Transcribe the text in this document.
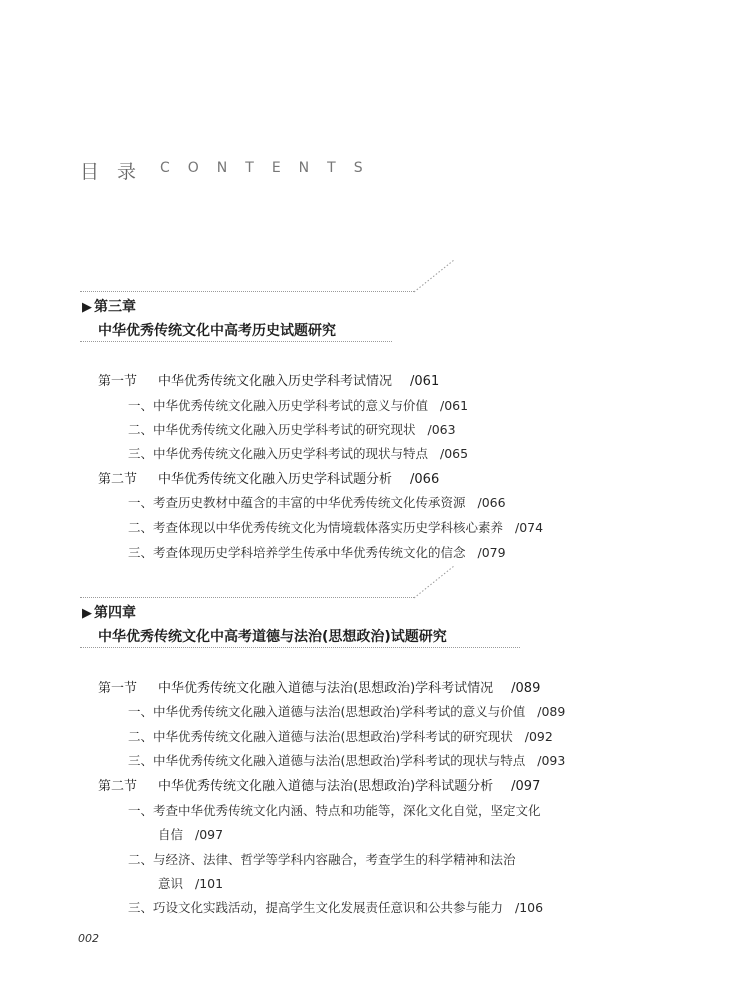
目 录 CONTENTS
▶ 第三章
中华优秀传统文化中高考历史试题研究
第一节 中华优秀传统文化融入历史学科考试情况 /061
一、中华优秀传统文化融入历史学科考试的意义与价值 /061
二、中华优秀传统文化融入历史学科考试的研究现状 /063
三、中华优秀传统文化融入历史学科考试的现状与特点 /065
第二节 中华优秀传统文化融入历史学科试题分析 /066
一、考查历史教材中蕴含的丰富的中华优秀传统文化传承资源 /066
二、考查体现以中华优秀传统文化为情境载体落实历史学科核心素养 /074
三、考查体现历史学科培养学生传承中华优秀传统文化的信念 /079
▶ 第四章
中华优秀传统文化中高考道德与法治(思想政治)试题研究
第一节 中华优秀传统文化融入道德与法治(思想政治)学科考试情况 /089
一、中华优秀传统文化融入道德与法治(思想政治)学科考试的意义与价值 /089
二、中华优秀传统文化融入道德与法治(思想政治)学科考试的研究现状 /092
三、中华优秀传统文化融入道德与法治(思想政治)学科考试的现状与特点 /093
第二节 中华优秀传统文化融入道德与法治(思想政治)学科试题分析 /097
一、考查中华优秀传统文化内涵、特点和功能等，深化文化自觉，坚定文化
自信 /097
二、与经济、法律、哲学等学科内容融合，考查学生的科学精神和法治
意识 /101
三、巧设文化实践活动，提高学生文化发展责任意识和公共参与能力 /106
002
